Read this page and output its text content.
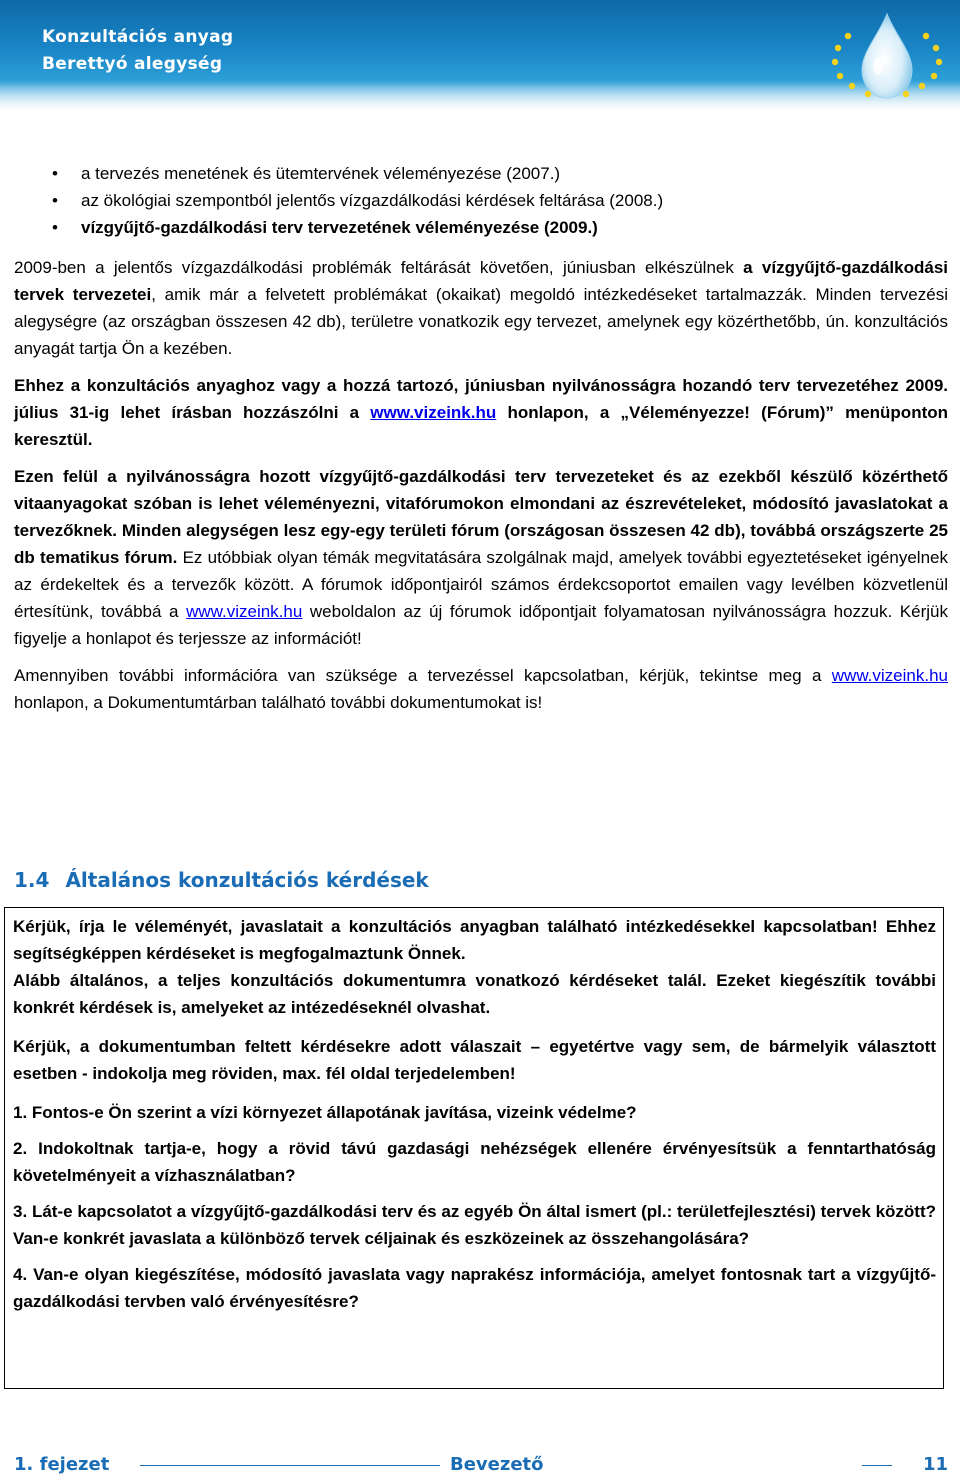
Konzultációs anyag
Berettyó alegység
• a tervezés menetének és ütemtervének véleményezése (2007.)
• az ökológiai szempontból jelentős vízgazdálkodási kérdések feltárása (2008.)
• vízgyűjtő-gazdálkodási terv tervezetének véleményezése (2009.)

2009-ben a jelentős vízgazdálkodási problémák feltárását követően, júniusban elkészülnek a vízgyűjtő-gazdálkodási tervek tervezetei, amik már a felvetett problémákat (okaikat) megoldó intézkedéseket tartalmazzák. Minden tervezési alegységre (az országban összesen 42 db), területre vonatkozik egy tervezet, amelynek egy közérthetőbb, ún. konzultációs anyagát tartja Ön a kezében.

Ehhez a konzultációs anyaghoz vagy a hozzá tartozó, júniusban nyilvánosságra hozandó terv tervezetéhez 2009. július 31-ig lehet írásban hozzászólni a www.vizeink.hu honlapon, a „Véleményezze! (Fórum)” menüponton keresztül.

Ezen felül a nyilvánosságra hozott vízgyűjtő-gazdálkodási terv tervezeteket és az ezekből készülő közérthető vitaanyagokat szóban is lehet véleményezni, vitafórumokon elmondani az észrevételeket, módosító javaslatokat a tervezőknek. Minden alegységen lesz egy-egy területi fórum (országosan összesen 42 db), továbbá országszerte 25 db tematikus fórum. Ez utóbbiak olyan témák megvitatására szolgálnak majd, amelyek további egyeztetéseket igényelnek az érdekeltek és a tervezők között. A fórumok időpontjairól számos érdekcsoportot emailen vagy levélben közvetlenül értesítünk, továbbá a www.vizeink.hu weboldalon az új fórumok időpontjait folyamatosan nyilvánosságra hozzuk. Kérjük figyelje a honlapot és terjessze az információt!

Amennyiben további információra van szüksége a tervezéssel kapcsolatban, kérjük, tekintse meg a www.vizeink.hu honlapon, a Dokumentumtárban található további dokumentumokat is!

1.4 Általános konzultációs kérdések
Kérjük, írja le véleményét, javaslatait a konzultációs anyagban található intézkedésekkel kapcsolatban! Ehhez segítségképpen kérdéseket is megfogalmaztunk Önnek.
Alább általános, a teljes konzultációs dokumentumra vonatkozó kérdéseket talál. Ezeket kiegészítik további konkrét kérdések is, amelyeket az intézedéseknél olvashat.
Kérjük, a dokumentumban feltett kérdésekre adott válaszait – egyetértve vagy sem, de bármelyik választott esetben - indokolja meg röviden, max. fél oldal terjedelemben!
1. Fontos-e Ön szerint a vízi környezet állapotának javítása, vizeink védelme?
2. Indokoltnak tartja-e, hogy a rövid távú gazdasági nehézségek ellenére érvényesítsük a fenntarthatóság követelményeit a vízhasználatban?
3. Lát-e kapcsolatot a vízgyűjtő-gazdálkodási terv és az egyéb Ön által ismert (pl.: területfejlesztési) tervek között? Van-e konkrét javaslata a különböző tervek céljainak és eszközeinek az összehangolására?
4. Van-e olyan kiegészítése, módosító javaslata vagy naprakész információja, amelyet fontosnak tart a vízgyűjtő-gazdálkodási tervben való érvényesítésre?
1. fejezet	Bevezető	11
